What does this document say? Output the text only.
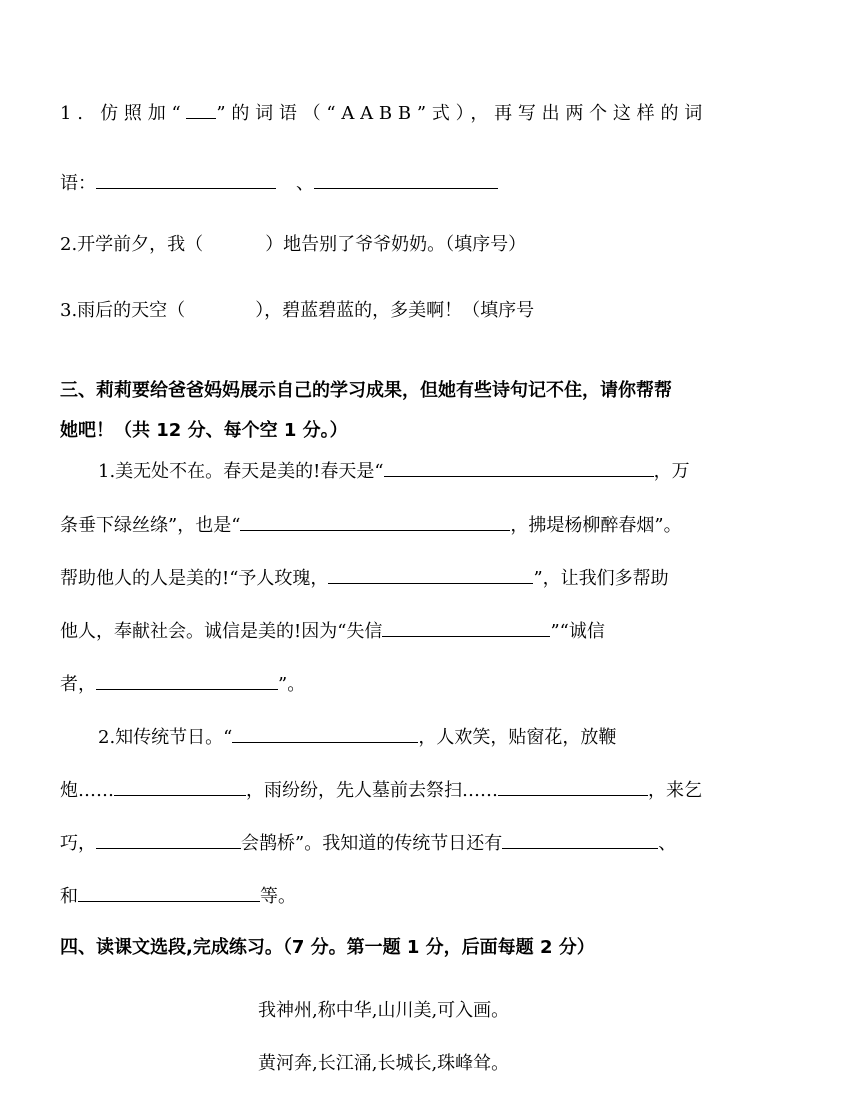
1. 仿照加“ ”的词语（“AABB”式），再写出两个这样的词
语：	、
2.开学前夕，我（	）地告别了爷爷奶奶。（填序号）
3.雨后的天空（	），碧蓝碧蓝的，多美啊！（填序号
三、莉莉要给爸爸妈妈展示自己的学习成果，但她有些诗句记不住，请你帮帮
她吧！（共 12 分、每个空 1 分。）
1.美无处不在。春天是美的!春天是“	，万
条垂下绿丝绦”，也是“	，拂堤杨柳醉春烟”。
帮助他人的人是美的!“予人玫瑰，	”，让我们多帮助
他人，奉献社会。诚信是美的!因为“失信	”“诚信
者，	”。
2.知传统节日。“	，人欢笑，贴窗花，放鞭
炮……	，雨纷纷，先人墓前去祭扫……	，来乞
巧，	会鹊桥”。我知道的传统节日还有	、
和	等。
四、读课文选段,完成练习。（7 分。第一题 1 分，后面每题 2 分）
我神州,称中华,山川美,可入画。
黄河奔,长江涌,长城长,珠峰耸。
